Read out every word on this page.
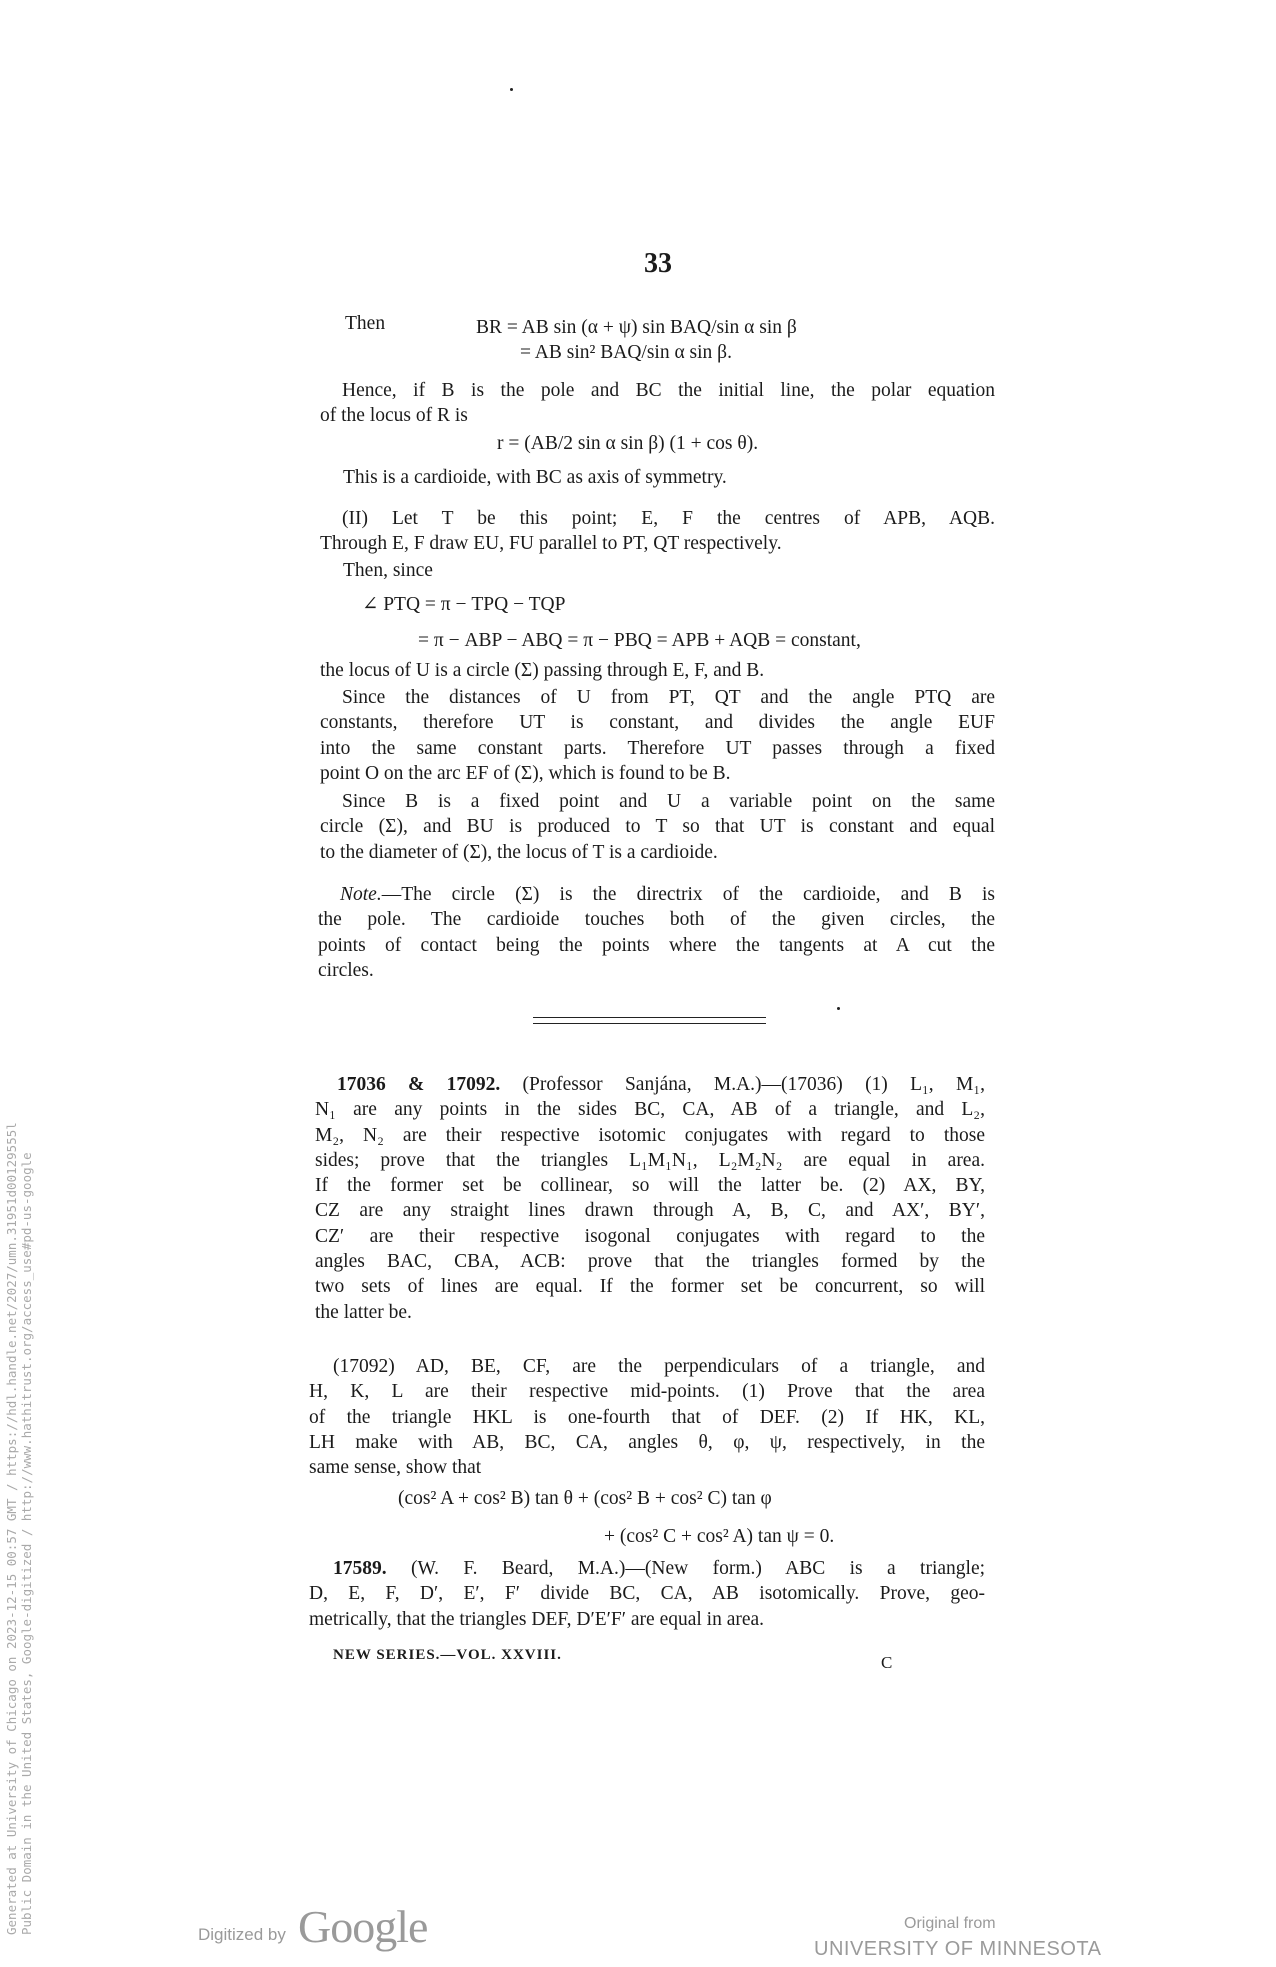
Generated at University of Chicago on 2023-12-15 00:57 GMT / https://hdl.handle.net/2027/umn.31951d00129555l Public Domain in the United States, Google-digitized / http://www.hathitrust.org/access_use#pd-us-google
33
Then	BR = AB sin (α + ψ) sin BAQ/sin α sin β
= AB sin² BAQ/sin α sin β.
Hence, if B is the pole and BC the initial line, the polar equation
of the locus of R is
r = (AB/2 sin α sin β) (1 + cos θ).
This is a cardioide, with BC as axis of symmetry.
(II) Let T be this point; E, F the centres of APB, AQB.
Through E, F draw EU, FU parallel to PT, QT respectively.
Then, since
∠ PTQ = π − TPQ − TQP
= π − ABP − ABQ = π − PBQ = APB + AQB = constant,
the locus of U is a circle (Σ) passing through E, F, and B.
Since the distances of U from PT, QT and the angle PTQ are
constants, therefore UT is constant, and divides the angle EUF
into the same constant parts. Therefore UT passes through a fixed
point O on the arc EF of (Σ), which is found to be B.
Since B is a fixed point and U a variable point on the same
circle (Σ), and BU is produced to T so that UT is constant and equal
to the diameter of (Σ), the locus of T is a cardioide.
Note.—The circle (Σ) is the directrix of the cardioide, and B is
the pole. The cardioide touches both of the given circles, the
points of contact being the points where the tangents at A cut the
circles.
17036 & 17092. (Professor Sanjána, M.A.)—(17036) (1) L₁, M₁,
N₁ are any points in the sides BC, CA, AB of a triangle, and L₂,
M₂, N₂ are their respective isotomic conjugates with regard to those
sides; prove that the triangles L₁M₁N₁, L₂M₂N₂ are equal in area.
If the former set be collinear, so will the latter be. (2) AX, BY,
CZ are any straight lines drawn through A, B, C, and AX′, BY′,
CZ′ are their respective isogonal conjugates with regard to the
angles BAC, CBA, ACB: prove that the triangles formed by the
two sets of lines are equal. If the former set be concurrent, so will
the latter be.
(17092) AD, BE, CF, are the perpendiculars of a triangle, and
H, K, L are their respective mid-points. (1) Prove that the area
of the triangle HKL is one-fourth that of DEF. (2) If HK, KL,
LH make with AB, BC, CA, angles θ, φ, ψ, respectively, in the
same sense, show that
(cos² A + cos² B) tan θ + (cos² B + cos² C) tan φ
+ (cos² C + cos² A) tan ψ = 0.
17589. (W. F. Beard, M.A.)—(New form.) ABC is a triangle;
D, E, F, D′, E′, F′ divide BC, CA, AB isotomically. Prove, geo-
metrically, that the triangles DEF, D′E′F′ are equal in area.
NEW SERIES.—VOL. XXVIII.	C
Digitized by Google	Original from
UNIVERSITY OF MINNESOTA
